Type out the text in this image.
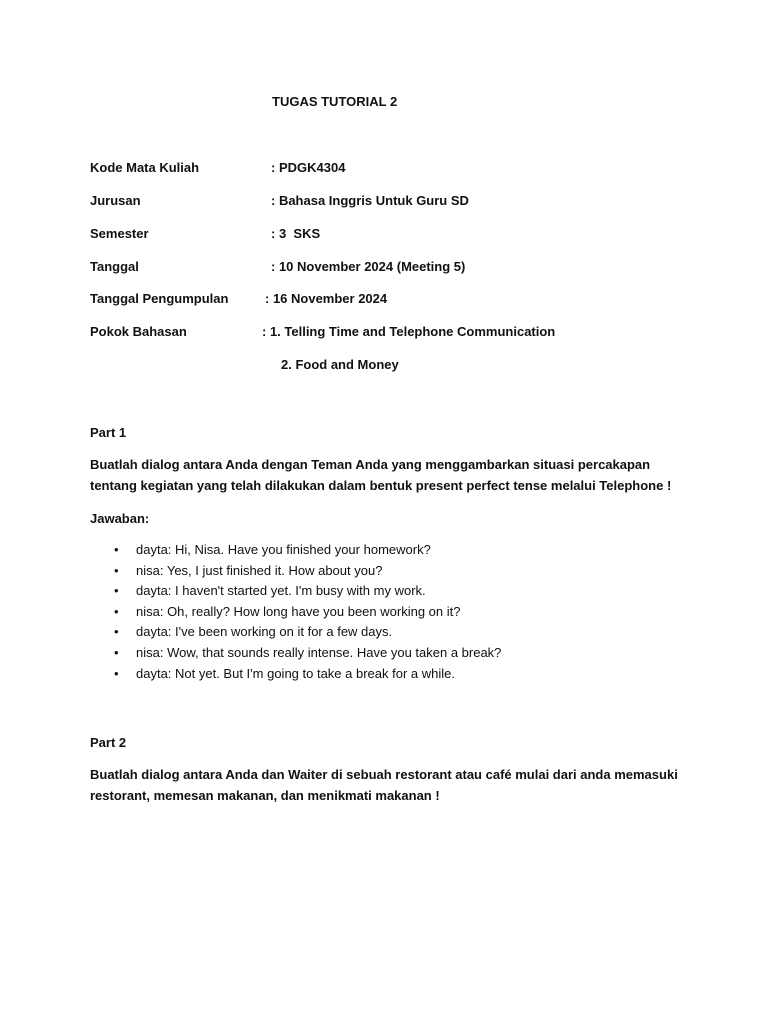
TUGAS TUTORIAL 2
Kode Mata Kuliah	: PDGK4304
Jurusan	: Bahasa Inggris Untuk Guru SD
Semester	: 3  SKS
Tanggal	: 10 November 2024 (Meeting 5)
Tanggal Pengumpulan	: 16 November 2024
Pokok Bahasan	: 1. Telling Time and Telephone Communication
2. Food and Money
Part 1
Buatlah dialog antara Anda dengan Teman Anda yang menggambarkan situasi percakapan tentang kegiatan yang telah dilakukan dalam bentuk present perfect tense melalui Telephone !
Jawaban:
• dayta: Hi, Nisa. Have you finished your homework?
• nisa: Yes, I just finished it. How about you?
• dayta: I haven't started yet. I'm busy with my work.
• nisa: Oh, really? How long have you been working on it?
• dayta: I've been working on it for a few days.
• nisa: Wow, that sounds really intense. Have you taken a break?
• dayta: Not yet. But I'm going to take a break for a while.
Part 2
Buatlah dialog antara Anda dan Waiter di sebuah restorant atau café mulai dari anda memasuki restorant, memesan makanan, dan menikmati makanan !
